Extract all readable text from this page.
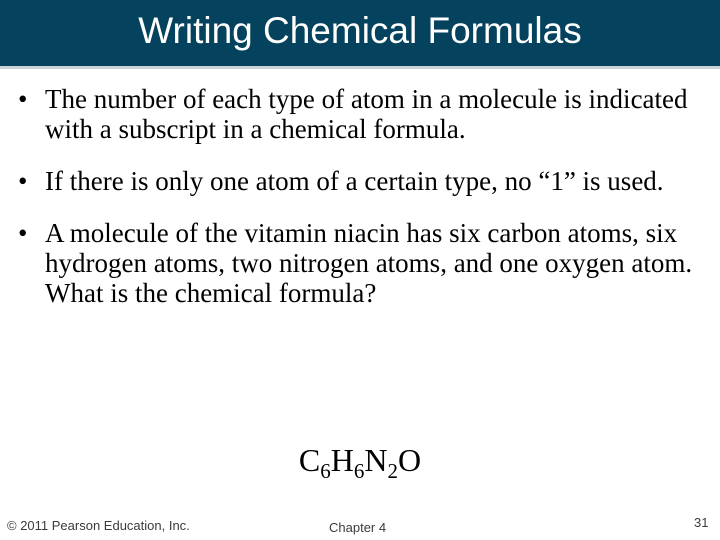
Writing Chemical Formulas
• The number of each type of atom in a molecule is indicated with a subscript in a chemical formula.
• If there is only one atom of a certain type, no “1” is used.
• A molecule of the vitamin niacin has six carbon atoms, six hydrogen atoms, two nitrogen atoms, and one oxygen atom. What is the chemical formula?
$C_6H_6N_2O$
© 2011 Pearson Education, Inc.	Chapter 4	31
